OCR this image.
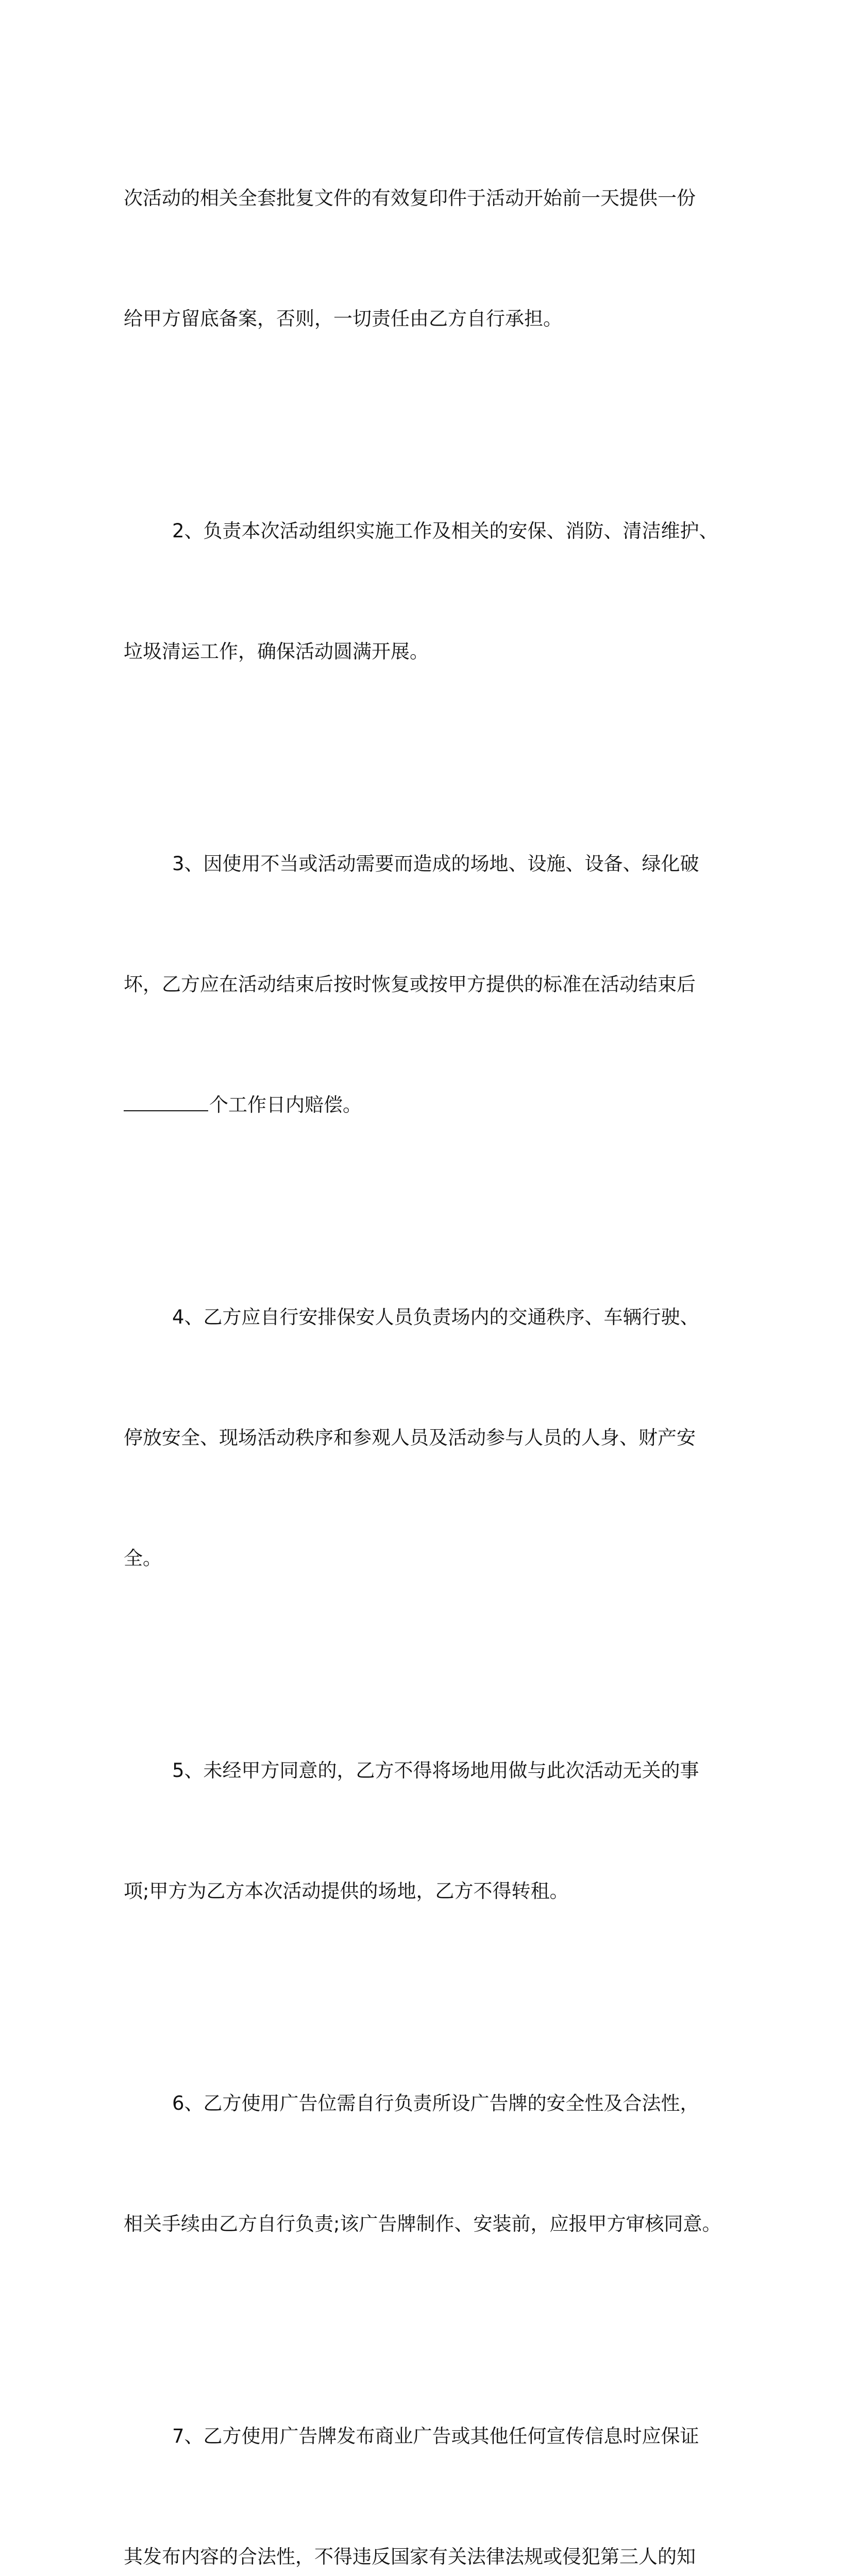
次活动的相关全套批复文件的有效复印件于活动开始前一天提供一份

给甲方留底备案，否则，一切责任由乙方自行承担。

2、负责本次活动组织实施工作及相关的安保、消防、清洁维护、

垃圾清运工作，确保活动圆满开展。

3、因使用不当或活动需要而造成的场地、设施、设备、绿化破

坏，乙方应在活动结束后按时恢复或按甲方提供的标准在活动结束后

个工作日内赔偿。

4、乙方应自行安排保安人员负责场内的交通秩序、车辆行驶、

停放安全、现场活动秩序和参观人员及活动参与人员的人身、财产安

全。

5、未经甲方同意的，乙方不得将场地用做与此次活动无关的事

项;甲方为乙方本次活动提供的场地，乙方不得转租。

6、乙方使用广告位需自行负责所设广告牌的安全性及合法性，

相关手续由乙方自行负责;该广告牌制作、安装前，应报甲方审核同意。

7、乙方使用广告牌发布商业广告或其他任何宣传信息时应保证

其发布内容的合法性，不得违反国家有关法律法规或侵犯第三人的知
